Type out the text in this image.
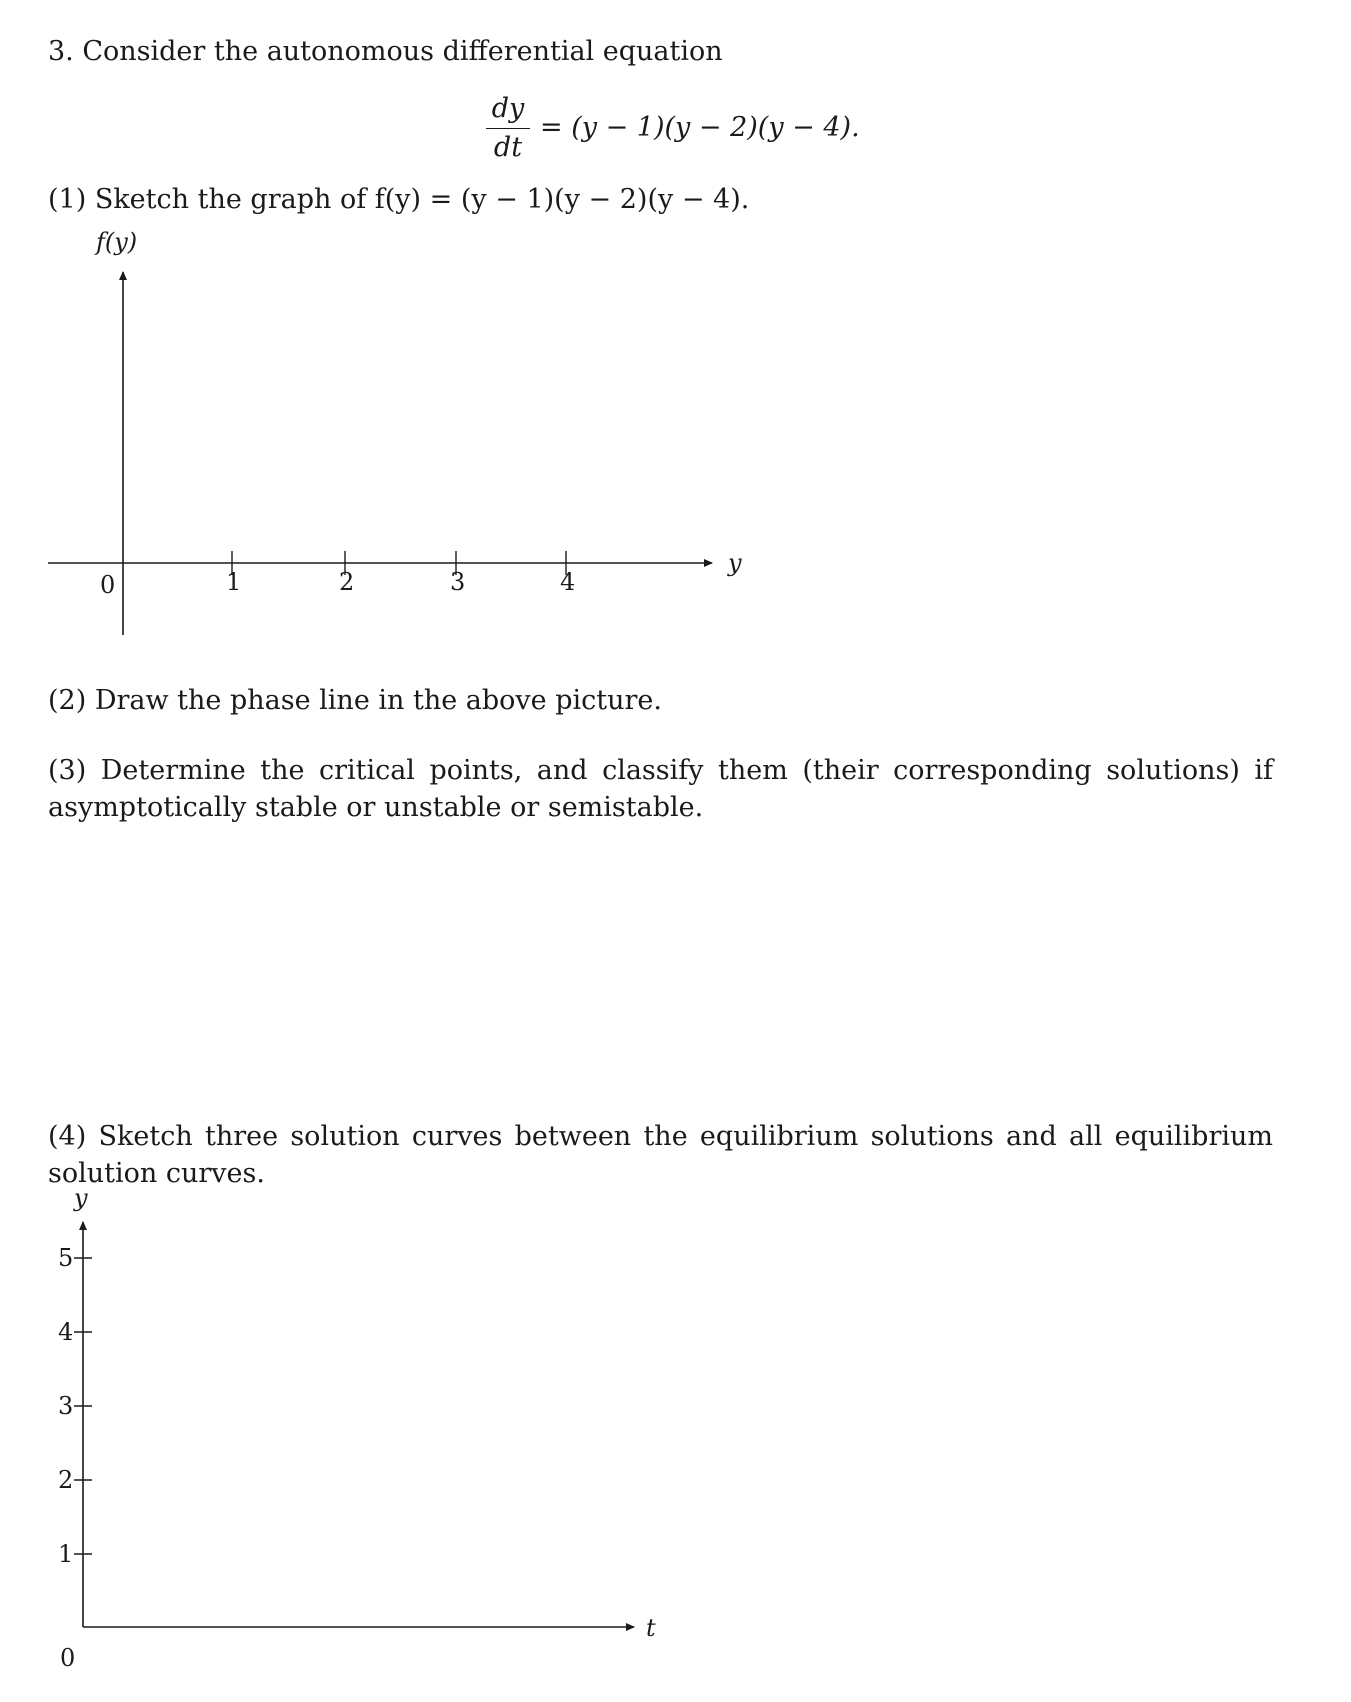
3. Consider the autonomous differential equation
dy
dt
= (y − 1)(y − 2)(y − 4).
(1) Sketch the graph of f(y) = (y − 1)(y − 2)(y − 4).
f(y)
y
0	1	2	3	4
y
t
0
5
4
3
2
1
(2) Draw the phase line in the above picture.
(3) Determine the critical points, and classify them (their corresponding solutions) if asymptotically stable or unstable or semistable.
(4) Sketch three solution curves between the equilibrium solutions and all equilibrium solution curves.
